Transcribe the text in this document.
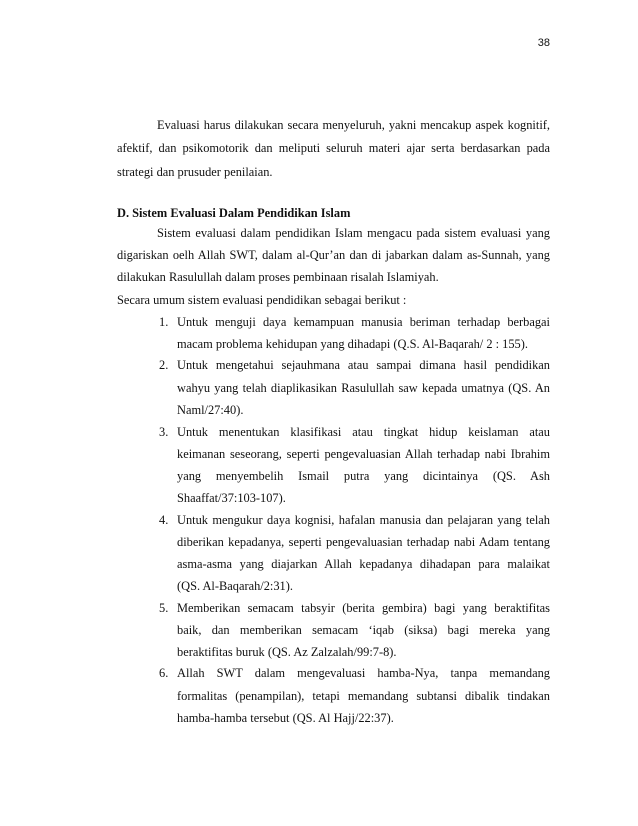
38
Evaluasi harus dilakukan secara menyeluruh, yakni mencakup aspek kognitif,
afektif, dan psikomotorik dan meliputi seluruh materi ajar serta berdasarkan pada
strategi dan prusuder penilaian.
D. Sistem Evaluasi Dalam Pendidikan Islam
Sistem evaluasi dalam pendidikan Islam mengacu pada sistem evaluasi yang
digariskan oelh Allah SWT, dalam al-Qur’an dan di jabarkan dalam as-Sunnah, yang
dilakukan Rasulullah dalam proses pembinaan risalah Islamiyah.
Secara umum sistem evaluasi pendidikan sebagai berikut :
1. Untuk menguji daya kemampuan manusia beriman terhadap berbagai
macam problema kehidupan yang dihadapi (Q.S. Al-Baqarah/ 2 : 155).
2. Untuk mengetahui sejauhmana atau sampai dimana hasil pendidikan
wahyu yang telah diaplikasikan Rasulullah saw kepada umatnya (QS. An
Naml/27:40).
3. Untuk menentukan klasifikasi atau tingkat hidup keislaman atau
keimanan seseorang, seperti pengevaluasian Allah terhadap nabi Ibrahim
yang menyembelih Ismail putra yang dicintainya (QS. Ash
Shaaffat/37:103-107).
4. Untuk mengukur daya kognisi, hafalan manusia dan pelajaran yang telah
diberikan kepadanya, seperti pengevaluasian terhadap nabi Adam tentang
asma-asma yang diajarkan Allah kepadanya dihadapan para malaikat
(QS. Al-Baqarah/2:31).
5. Memberikan semacam tabsyir (berita gembira) bagi yang beraktifitas
baik, dan memberikan semacam ‘iqab (siksa) bagi mereka yang
beraktifitas buruk (QS. Az Zalzalah/99:7-8).
6. Allah SWT dalam mengevaluasi hamba-Nya, tanpa memandang
formalitas (penampilan), tetapi memandang subtansi dibalik tindakan
hamba-hamba tersebut (QS. Al Hajj/22:37).
